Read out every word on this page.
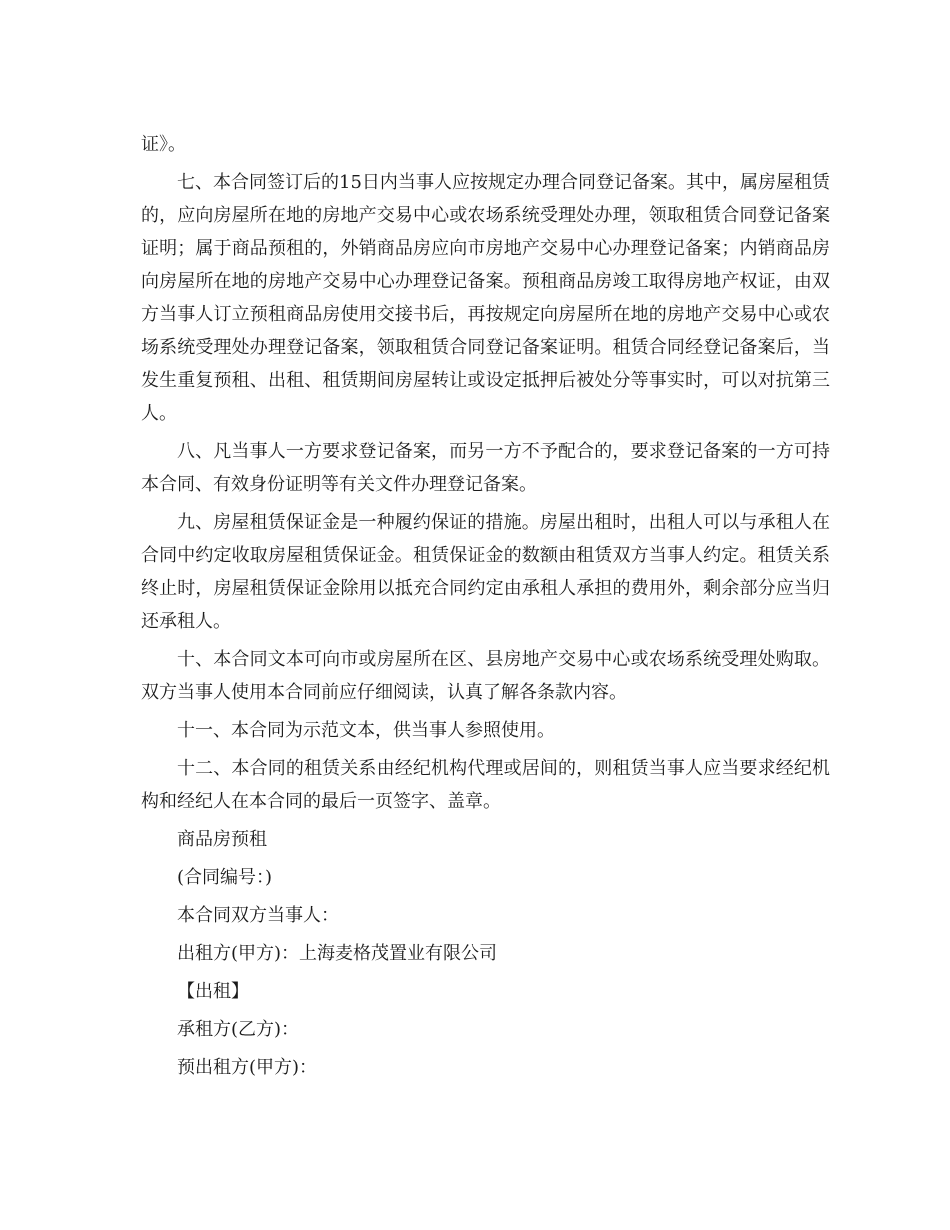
证》。

七、本合同签订后的15日内当事人应按规定办理合同登记备案。其中，属房屋租赁的，应向房屋所在地的房地产交易中心或农场系统受理处办理，领取租赁合同登记备案证明；属于商品预租的，外销商品房应向市房地产交易中心办理登记备案；内销商品房向房屋所在地的房地产交易中心办理登记备案。预租商品房竣工取得房地产权证，由双方当事人订立预租商品房使用交接书后，再按规定向房屋所在地的房地产交易中心或农场系统受理处办理登记备案，领取租赁合同登记备案证明。租赁合同经登记备案后，当发生重复预租、出租、租赁期间房屋转让或设定抵押后被处分等事实时，可以对抗第三人。

八、凡当事人一方要求登记备案，而另一方不予配合的，要求登记备案的一方可持本合同、有效身份证明等有关文件办理登记备案。

九、房屋租赁保证金是一种履约保证的措施。房屋出租时，出租人可以与承租人在合同中约定收取房屋租赁保证金。租赁保证金的数额由租赁双方当事人约定。租赁关系终止时，房屋租赁保证金除用以抵充合同约定由承租人承担的费用外，剩余部分应当归还承租人。

十、本合同文本可向市或房屋所在区、县房地产交易中心或农场系统受理处购取。双方当事人使用本合同前应仔细阅读，认真了解各条款内容。

十一、本合同为示范文本，供当事人参照使用。

十二、本合同的租赁关系由经纪机构代理或居间的，则租赁当事人应当要求经纪机构和经纪人在本合同的最后一页签字、盖章。

商品房预租
(合同编号：)
本合同双方当事人：
出租方(甲方)：上海麦格茂置业有限公司
【出租】
承租方(乙方)：
预出租方(甲方)：
